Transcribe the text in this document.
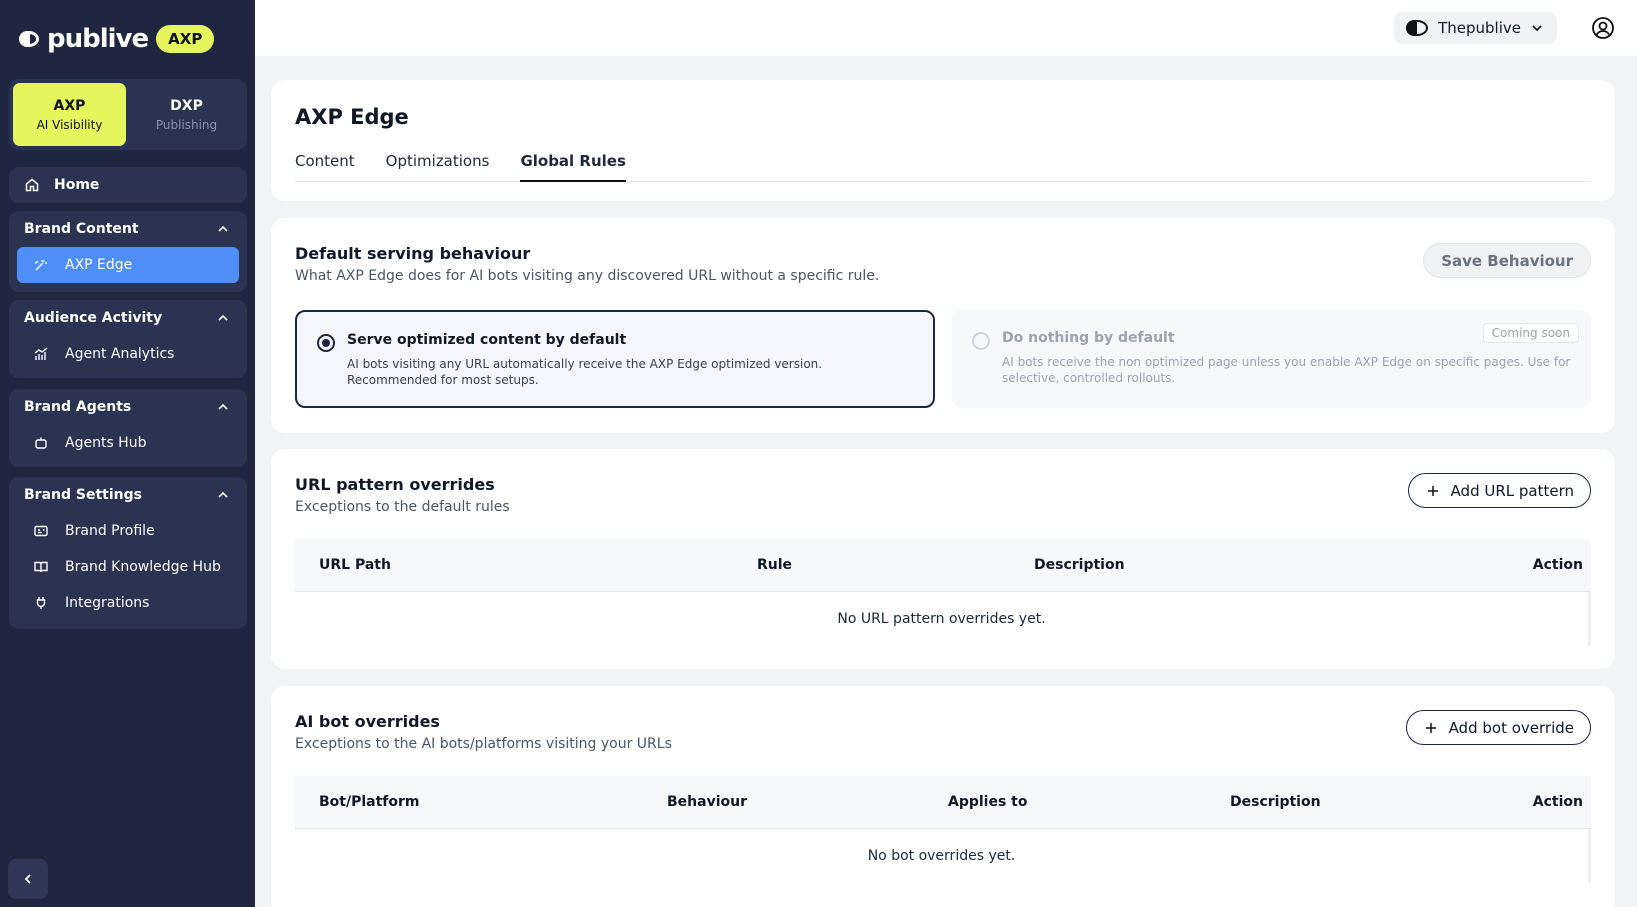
publive	AXP
AXP
AI Visibility
DXP
Publishing
Home
Brand Content
AXP Edge
Audience Activity
Agent Analytics
Brand Agents
Agents Hub
Brand Settings
Brand Profile
Brand Knowledge Hub
Integrations
Thepublive
AXP Edge
Content Optimizations Global Rules
Default serving behaviour

What AXP Edge does for AI bots visiting any discovered URL without a specific rule.

Save Behaviour
Serve optimized content by default
AI bots visiting any URL automatically receive the AXP Edge optimized version. Recommended for most setups.
Do nothing by default
AI bots receive the non optimized page unless you enable AXP Edge on specific pages. Use for selective, controlled rollouts.
Coming soon
URL pattern overrides

Exceptions to the default rules

Add URL pattern
URL Path	Rule	Description	Action
No URL pattern overrides yet.
AI bot overrides

Exceptions to the AI bots/platforms visiting your URLs

Add bot override
Bot/Platform	Behaviour	Applies to	Description	Action
No bot overrides yet.
